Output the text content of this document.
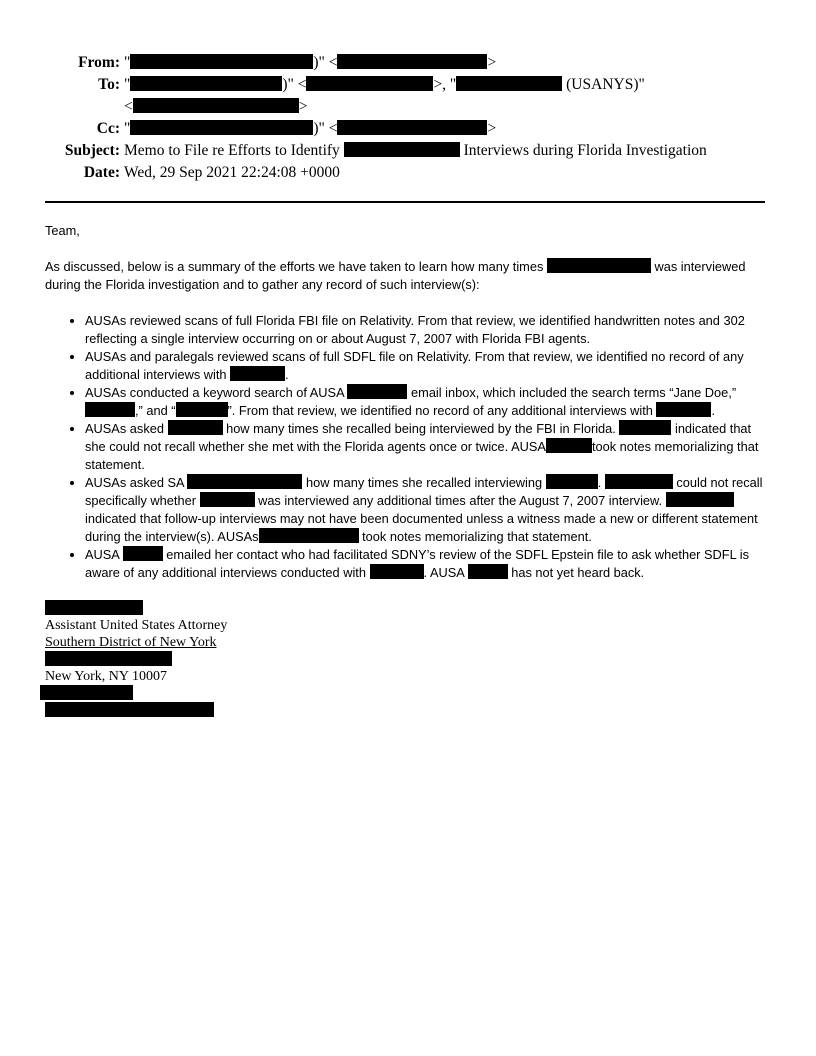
From: "	)" <	>
To: "	)" <	>, "	(USANYS)"
<	>
Cc: "	)" <	>
Subject: Memo to File re Efforts to Identify	Interviews during Florida Investigation
Date: Wed, 29 Sep 2021 22:24:08 +0000

Team,

As discussed, below is a summary of the efforts we have taken to learn how many times	was interviewed during the Florida investigation and to gather any record of such interview(s):

• AUSAs reviewed scans of full Florida FBI file on Relativity. From that review, we identified handwritten notes and 302 reflecting a single interview occurring on or about August 7, 2007 with Florida FBI agents.
• AUSAs and paralegals reviewed scans of full SDFL file on Relativity. From that review, we identified no record of any additional interviews with	.
• AUSAs conducted a keyword search of AUSA	email inbox, which included the search terms “Jane Doe,” ,” and “	”. From that review, we identified no record of any additional interviews with	.
• AUSAs asked	how many times she recalled being interviewed by the FBI in Florida.	indicated that she could not recall whether she met with the Florida agents once or twice. AUSA	took notes memorializing that statement.
• AUSAs asked SA	how many times she recalled interviewing	.	could not recall specifically whether	was interviewed any additional times after the August 7, 2007 interview.  indicated that follow-up interviews may not have been documented unless a witness made a new or different statement during the interview(s). AUSAs	took notes memorializing that statement.
• AUSA	emailed her contact who had facilitated SDNY’s review of the SDFL Epstein file to ask whether SDFL is aware of any additional interviews conducted with	. AUSA	has not yet heard back.
Assistant United States Attorney
Southern District of New York
New York, NY 10007
